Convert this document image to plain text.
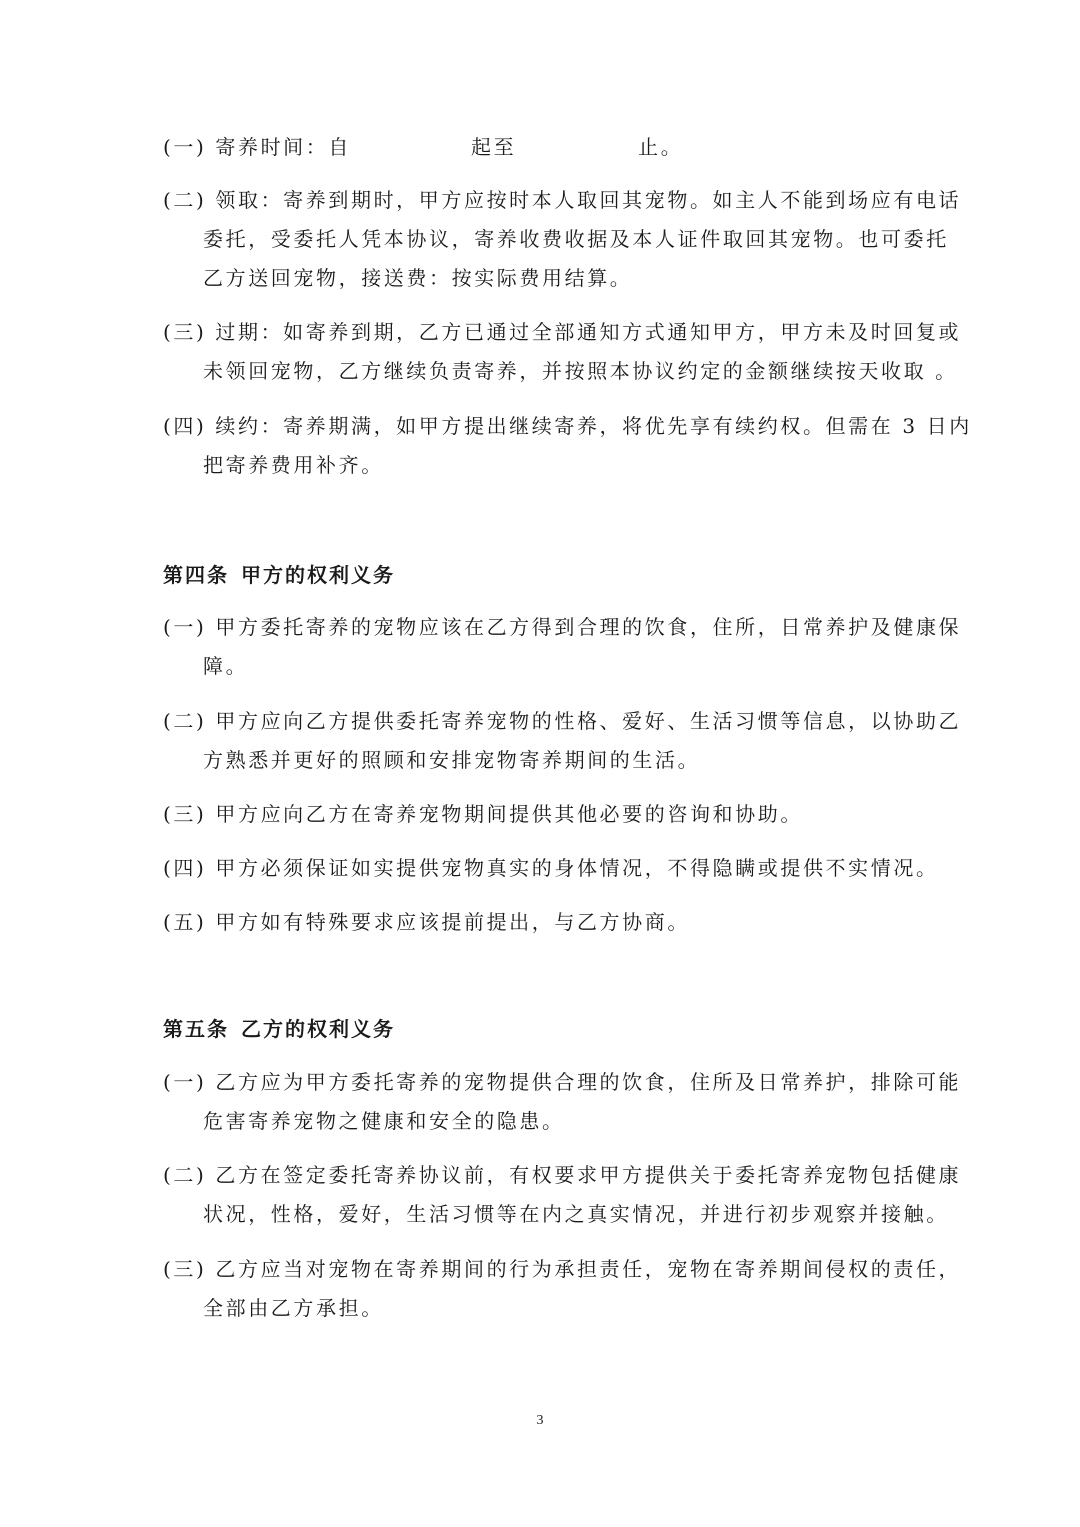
(一) 寄养时间：自	起至	止。
(二) 领取：寄养到期时，甲方应按时本人取回其宠物。如主人不能到场应有电话
委托，受委托人凭本协议，寄养收费收据及本人证件取回其宠物。也可委托
乙方送回宠物，接送费：按实际费用结算。
(三) 过期：如寄养到期，乙方已通过全部通知方式通知甲方，甲方未及时回复或
未领回宠物，乙方继续负责寄养，并按照本协议约定的金额继续按天收取 。
(四) 续约：寄养期满，如甲方提出继续寄养，将优先享有续约权。但需在 3 日内
把寄养费用补齐。
第四条 甲方的权利义务
(一) 甲方委托寄养的宠物应该在乙方得到合理的饮食，住所，日常养护及健康保
障。
(二) 甲方应向乙方提供委托寄养宠物的性格、爱好、生活习惯等信息，以协助乙
方熟悉并更好的照顾和安排宠物寄养期间的生活。
(三) 甲方应向乙方在寄养宠物期间提供其他必要的咨询和协助。
(四) 甲方必须保证如实提供宠物真实的身体情况，不得隐瞒或提供不实情况。
(五) 甲方如有特殊要求应该提前提出，与乙方协商。
第五条 乙方的权利义务
(一) 乙方应为甲方委托寄养的宠物提供合理的饮食，住所及日常养护，排除可能
危害寄养宠物之健康和安全的隐患。
(二) 乙方在签定委托寄养协议前，有权要求甲方提供关于委托寄养宠物包括健康
状况，性格，爱好，生活习惯等在内之真实情况，并进行初步观察并接触。
(三) 乙方应当对宠物在寄养期间的行为承担责任，宠物在寄养期间侵权的责任，
全部由乙方承担。
3
